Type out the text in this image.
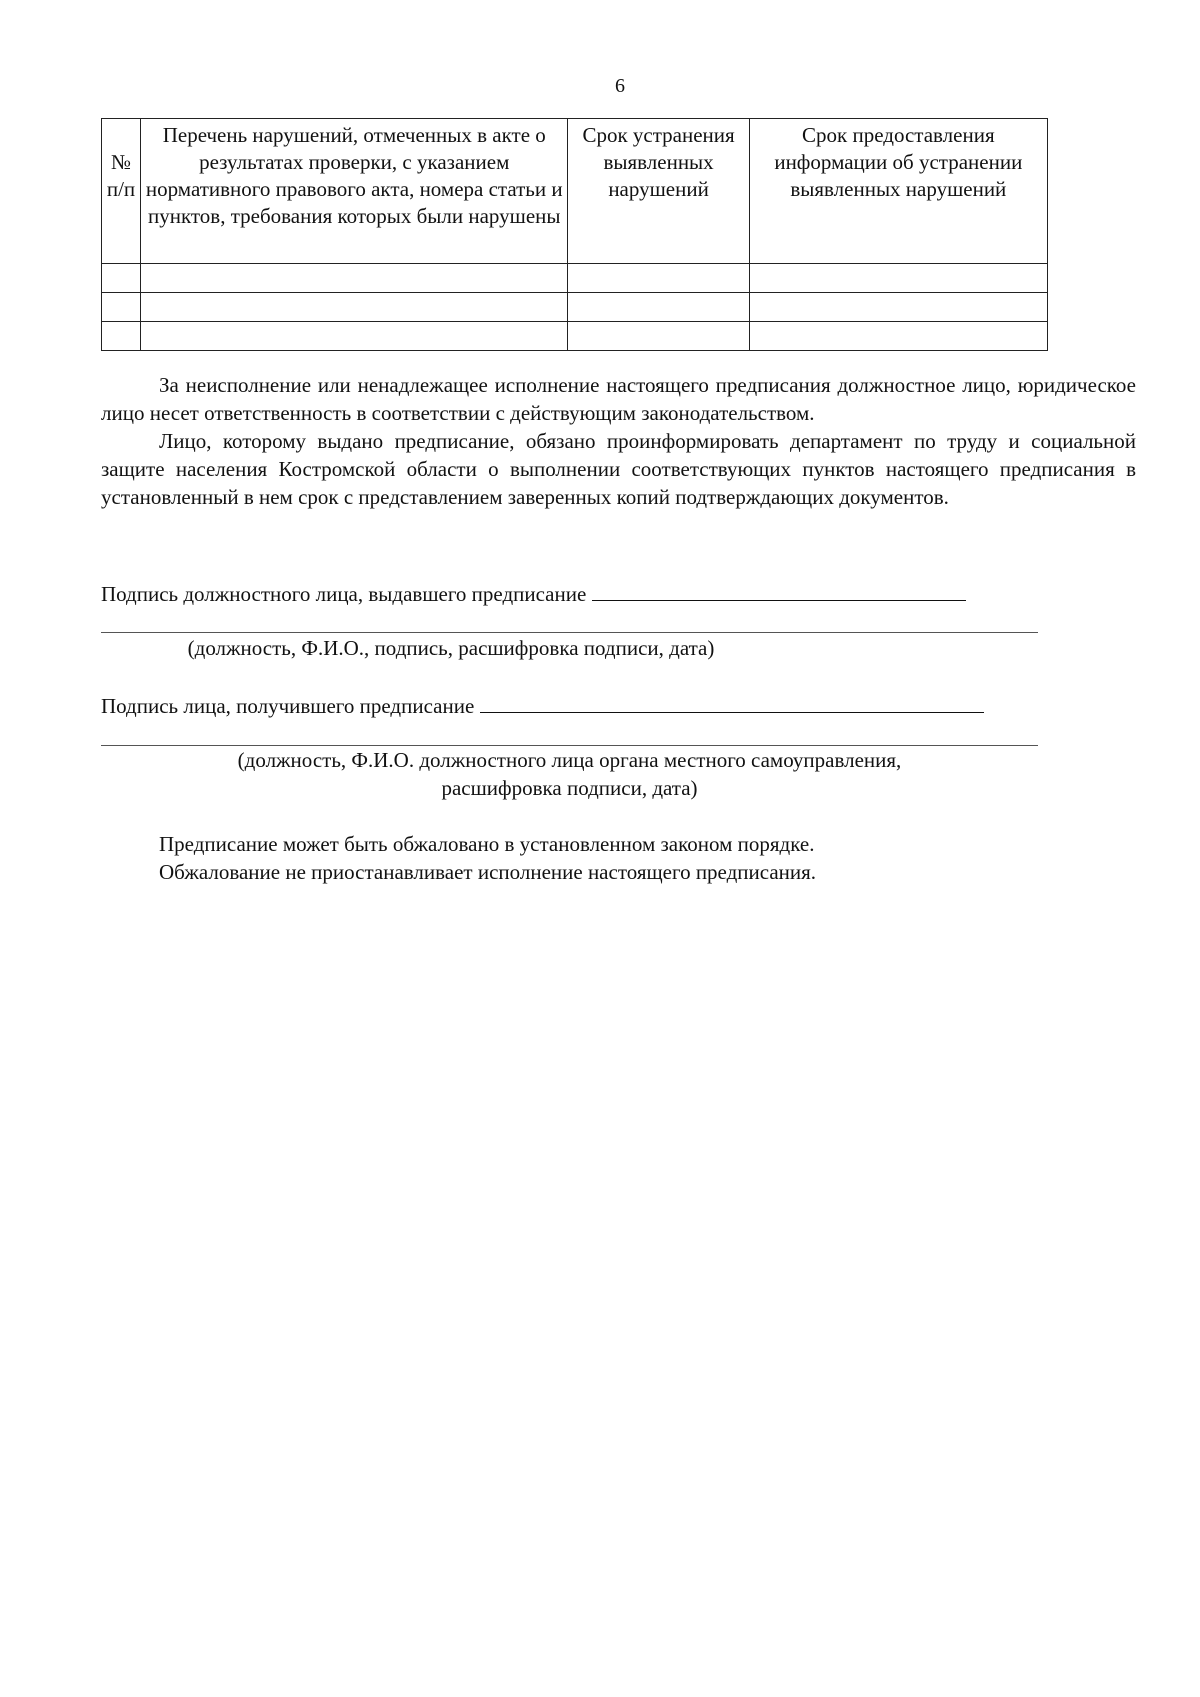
6
№ п/п	Перечень нарушений, отмеченных в акте о результатах проверки, с указанием нормативного правового акта, номера статьи и пунктов, требования которых были нарушены	Срок устранения выявленных нарушений	Срок предоставления информации об устранении выявленных нарушений

За неисполнение или ненадлежащее исполнение настоящего предписания должностное лицо, юридическое лицо несет ответственность в соответствии с действующим законодательством.

Лицо, которому выдано предписание, обязано проинформировать департамент по труду и социальной защите населения Костромской области о выполнении соответствующих пунктов настоящего предписания в установленный в нем срок с представлением заверенных копий подтверждающих документов.

Подпись должностного лица, выдавшего предписание
(должность, Ф.И.О., подпись, расшифровка подписи, дата)
Подпись лица, получившего предписание
(должность, Ф.И.О. должностного лица органа местного самоуправления,
расшифровка подписи, дата)
Предписание может быть обжаловано в установленном законом порядке.
Обжалование не приостанавливает исполнение настоящего предписания.
